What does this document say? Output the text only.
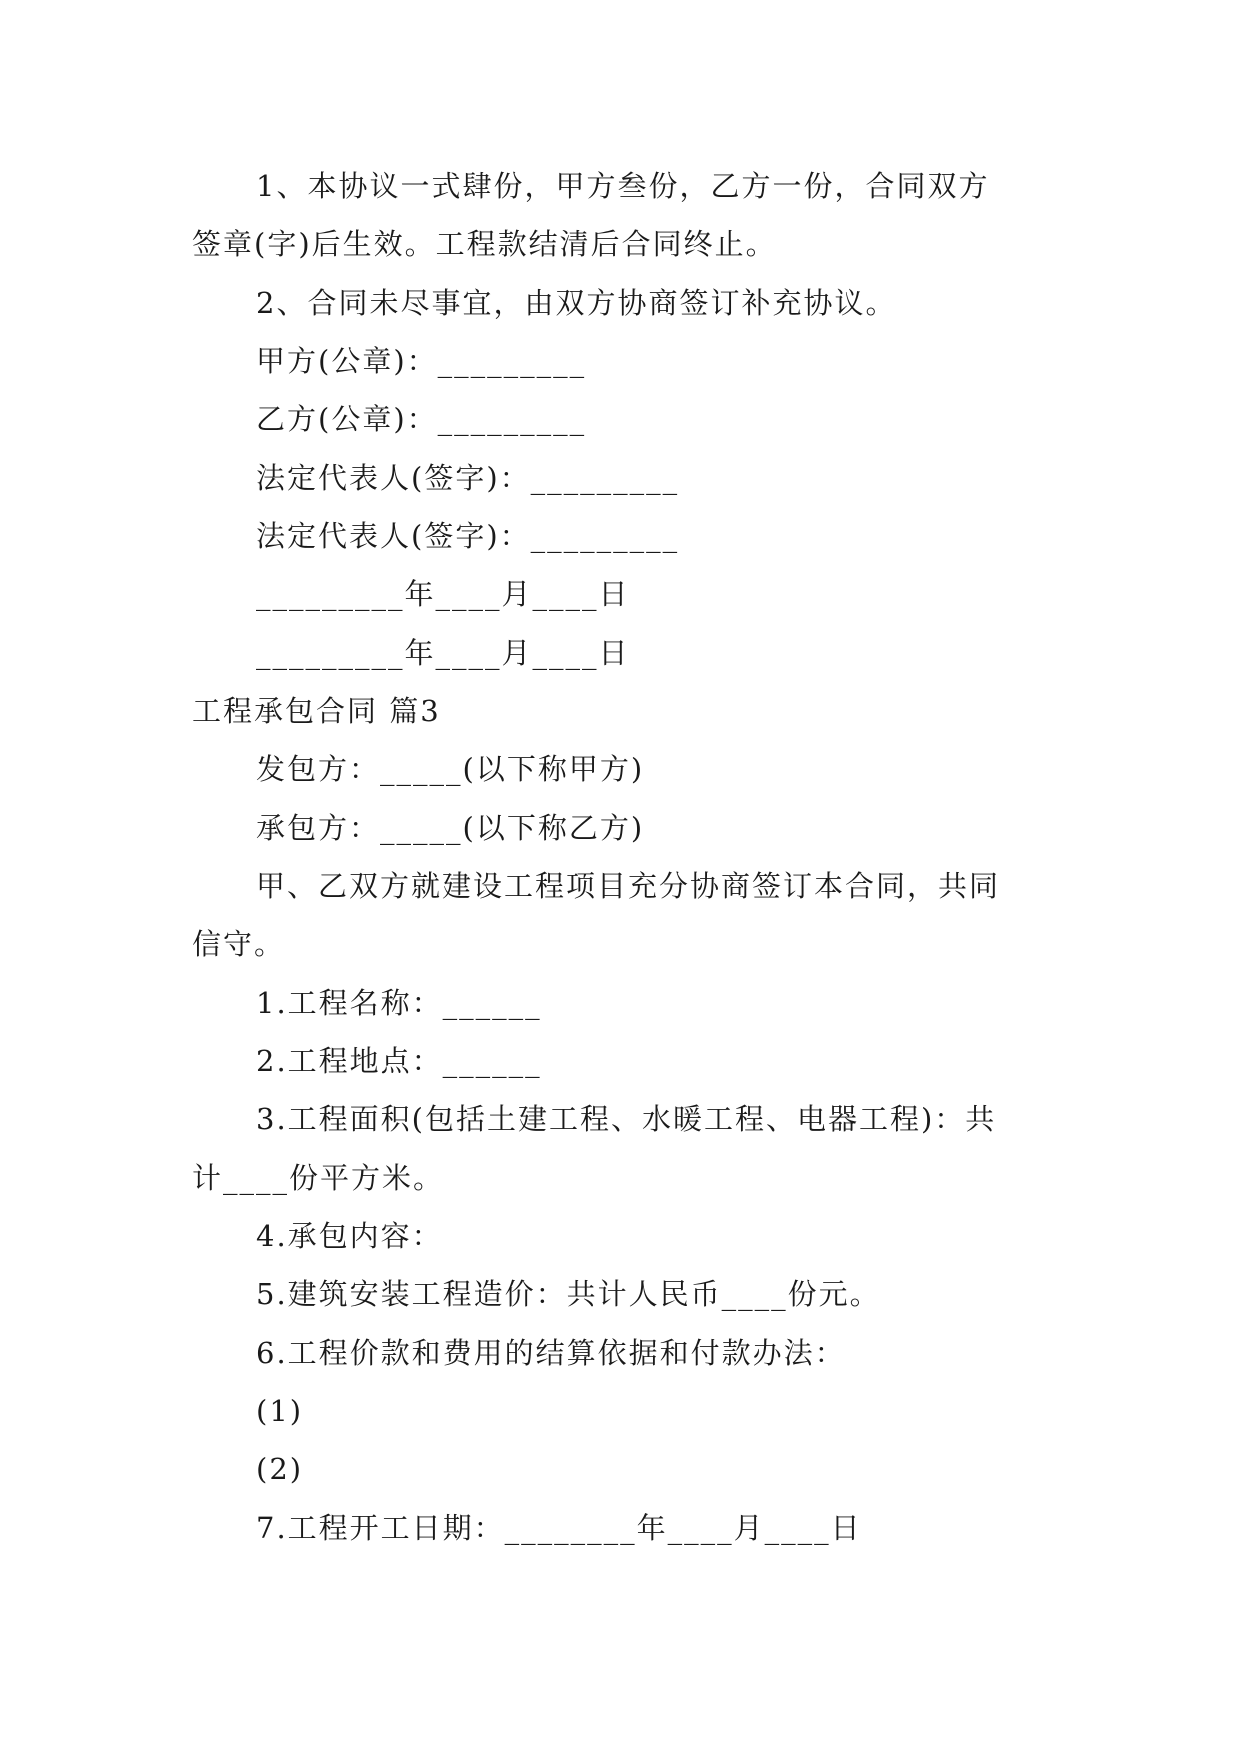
1、本协议一式肆份，甲方叁份，乙方一份，合同双方
签章(字)后生效。工程款结清后合同终止。
2、合同未尽事宜，由双方协商签订补充协议。
甲方(公章)：_________
乙方(公章)：_________
法定代表人(签字)：_________
法定代表人(签字)：_________
_________年____月____日
_________年____月____日
工程承包合同 篇3
发包方：_____(以下称甲方)
承包方：_____(以下称乙方)
甲、乙双方就建设工程项目充分协商签订本合同，共同
信守。
1.工程名称：______
2.工程地点：______
3.工程面积(包括土建工程、水暖工程、电器工程)：共
计____份平方米。
4.承包内容：
5.建筑安装工程造价：共计人民币____份元。
6.工程价款和费用的结算依据和付款办法：
(1)
(2)
7.工程开工日期：________年____月____日
